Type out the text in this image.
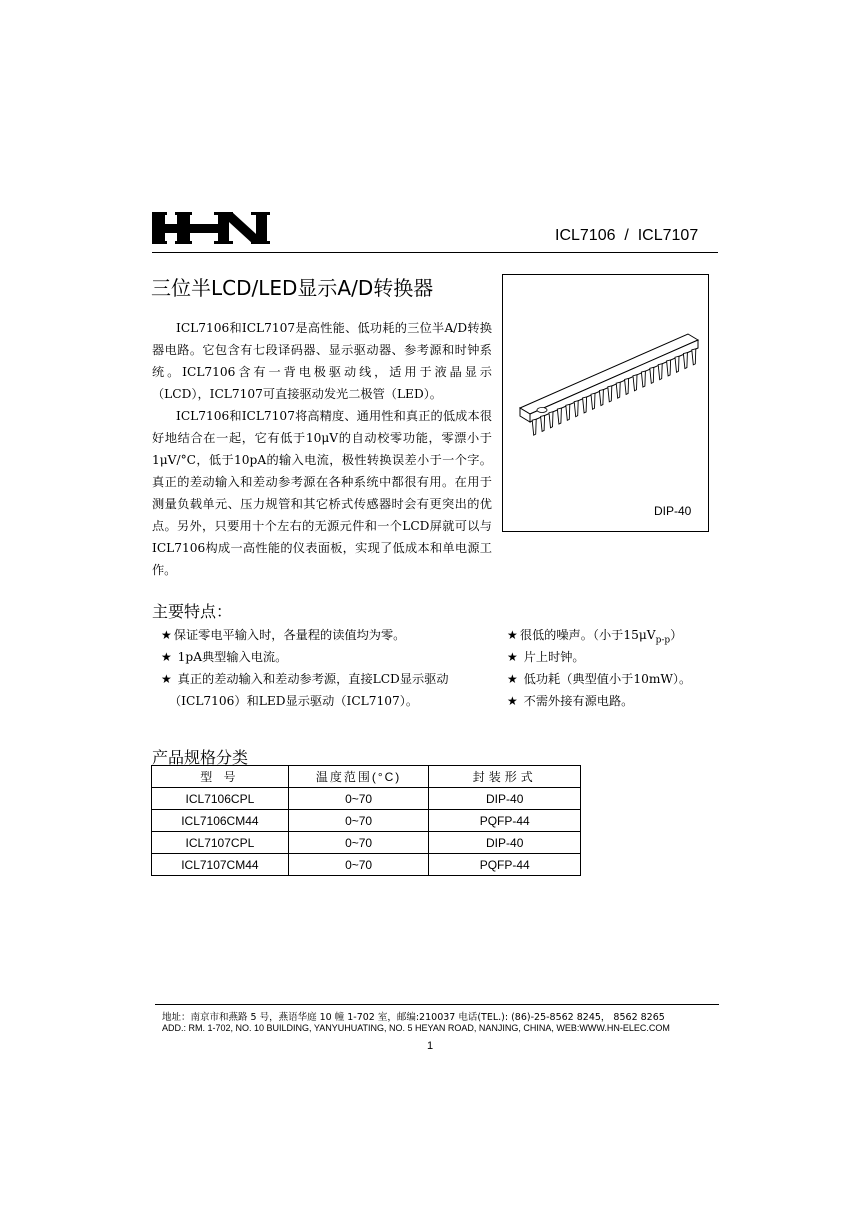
ICL7106  /  ICL7107
三位半LCD/LED显示A/D转换器
ICL7106和ICL7107是高性能、低功耗的三位半A/D转换器电路。它包含有七段译码器、显示驱动器、参考源和时钟系统。ICL7106含有一背电极驱动线，适用于液晶显示（LCD），ICL7107可直接驱动发光二极管（LED）。
ICL7106和ICL7107将高精度、通用性和真正的低成本很好地结合在一起，它有低于10μV的自动校零功能，零漂小于1μV/°C，低于10pA的输入电流，极性转换误差小于一个字。真正的差动输入和差动参考源在各种系统中都很有用。在用于测量负载单元、压力规管和其它桥式传感器时会有更突出的优点。另外，只要用十个左右的无源元件和一个LCD屏就可以与ICL7106构成一高性能的仪表面板，实现了低成本和单电源工作。
DIP-40
主要特点：
★ 保证零电平输入时，各量程的读值均为零。
★ 1pA典型输入电流。
★ 真正的差动输入和差动参考源，直接LCD显示驱动
（ICL7106）和LED显示驱动（ICL7107）。
★ 很低的噪声。（小于$15\mu V_{p-p}$）
★ 片上时钟。
★ 低功耗（典型值小于10mW）。
★ 不需外接有源电路。
产品规格分类
型 号	温度范围(°C)	封装形式
ICL7106CPL	0~70	DIP-40
ICL7106CM44	0~70	PQFP-44
ICL7107CPL	0~70	DIP-40
ICL7107CM44	0~70	PQFP-44
地址：南京市和燕路 5 号，燕语华庭 10 幢 1-702 室，邮编:210037 电话(TEL.): (86)-25-8562 8245， 8562 8265
ADD.: RM. 1-702, NO. 10 BUILDING, YANYUHUATING, NO. 5 HEYAN ROAD, NANJING, CHINA, WEB:WWW.HN-ELEC.COM
1
